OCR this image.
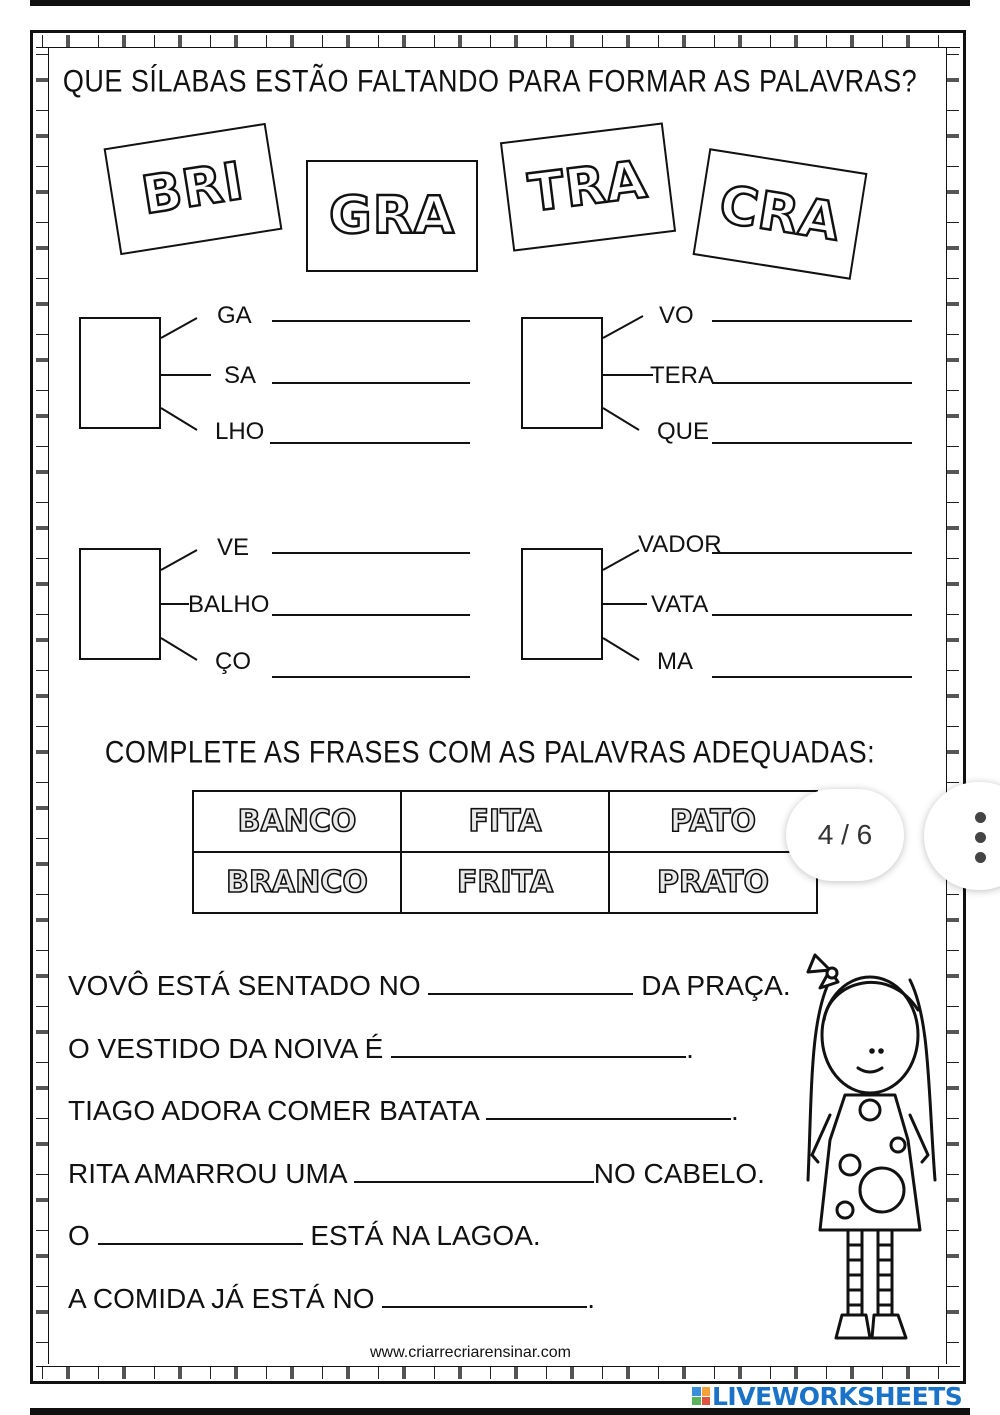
QUE SÍLABAS ESTÃO FALTANDO PARA FORMAR AS PALAVRAS?
BRI GRA TRA CRA
GA
SA
LHO
VO
TERA
QUE
VE
BALHO
ÇO
VADOR
VATA
MA
COMPLETE AS FRASES COM AS PALAVRAS ADEQUADAS:
BANCO	FITA	PATO
BRANCO	FRITA	PRATO
VOVÔ ESTÁ SENTADO NO	DA PRAÇA.
O VESTIDO DA NOIVA É	.
TIAGO ADORA COMER BATATA	.
RITA AMARROU UMA	NO CABELO.
O	ESTÁ NA LAGOA.
A COMIDA JÁ ESTÁ NO	.
www.criarrecriarensinar.com
4 / 6
LIVEWORKSHEETS
